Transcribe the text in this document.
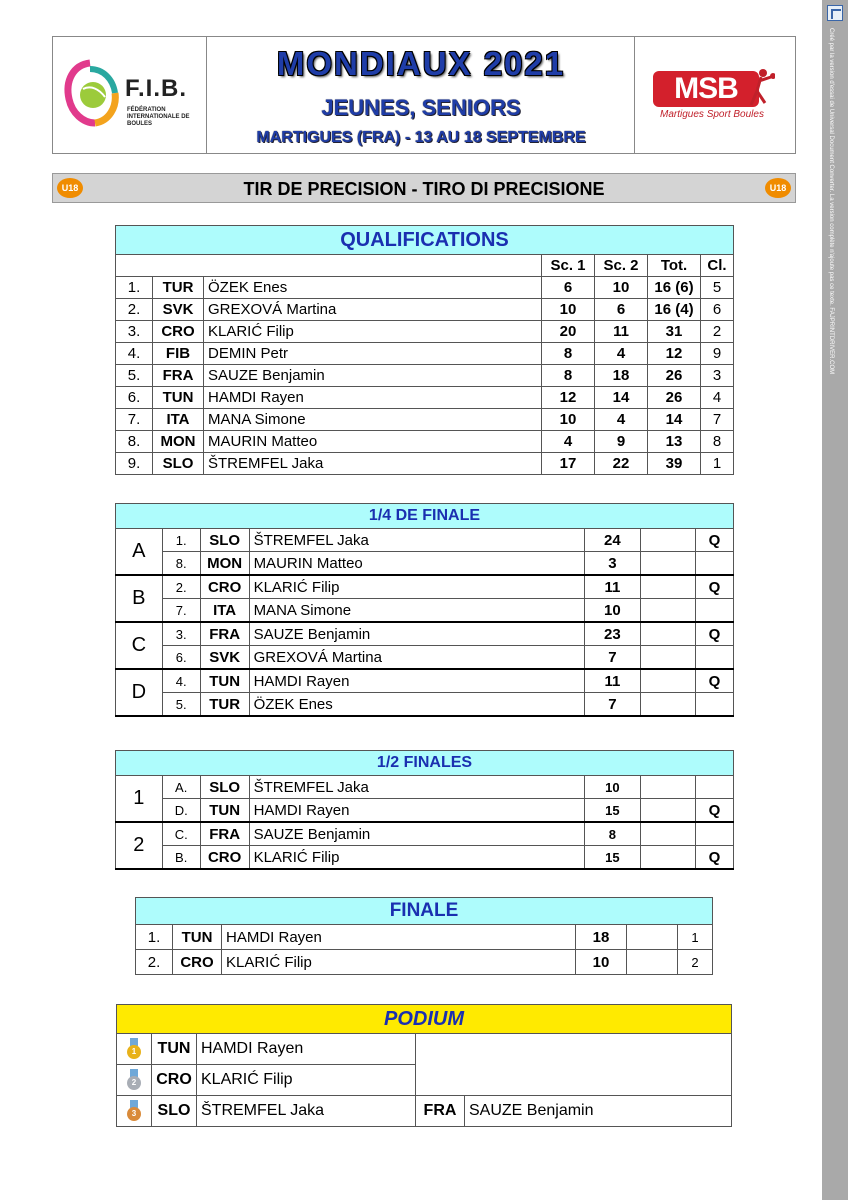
Créé par la version d'essai de Universal Document Converter. La version complète n'ajoute pas ce texte. FAJPRINTDRIVER.COM
F.I.B.
FÉDÉRATION INTERNATIONALE DE BOULES
MONDIAUX 2021
JEUNES, SENIORS
MARTIGUES (FRA) - 13 AU 18 SEPTEMBRE
MSB
Martigues Sport Boules
U18	TIR DE PRECISION - TIRO DI PRECISIONE	U18
QUALIFICATIONS						
			Sc. 1	Sc. 2	Tot.	Cl.
1.	TUR	ÖZEK Enes	6	10	16 (6)	5
2.	SVK	GREXOVÁ Martina	10	6	16 (4)	6
3.	CRO	KLARIĆ Filip	20	11	31	2
4.	FIB	DEMIN Petr	8	4	12	9
5.	FRA	SAUZE Benjamin	8	18	26	3
6.	TUN	HAMDI Rayen	12	14	26	4
7.	ITA	MANA Simone	10	4	14	7
8.	MON	MAURIN Matteo	4	9	13	8
9.	SLO	ŠTREMFEL Jaka	17	22	39	1
1/4 DE FINALE						
A	1.	SLO	ŠTREMFEL Jaka	24		Q
	8.	MON	MAURIN Matteo	3		
B	2.	CRO	KLARIĆ Filip	11		Q
	7.	ITA	MANA Simone	10		
C	3.	FRA	SAUZE Benjamin	23		Q
	6.	SVK	GREXOVÁ Martina	7		
D	4.	TUN	HAMDI Rayen	11		Q
	5.	TUR	ÖZEK Enes	7		
1/2 FINALES						
1	A.	SLO	ŠTREMFEL Jaka	10		
	D.	TUN	HAMDI Rayen	15		Q
2	C.	FRA	SAUZE Benjamin	8		
	B.	CRO	KLARIĆ Filip	15		Q
FINALE					
1.	TUN	HAMDI Rayen	18		1
2.	CRO	KLARIĆ Filip	10		2
PODIUM				

1	TUN	HAMDI Rayen		

2	CRO	KLARIĆ Filip		

3	SLO	ŠTREMFEL Jaka	FRA	SAUZE Benjamin
